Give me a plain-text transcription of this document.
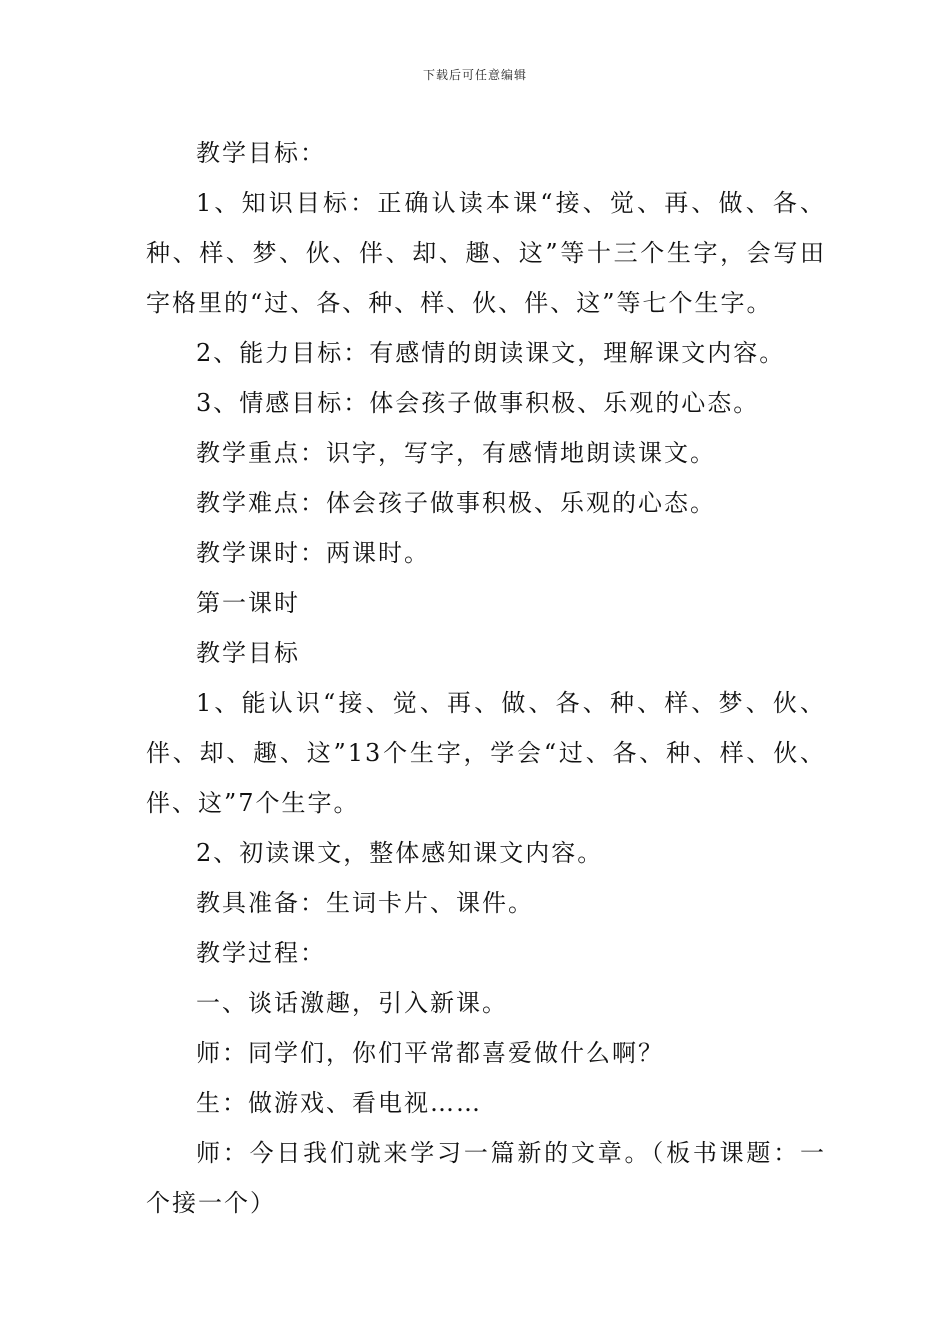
下载后可任意编辑

教学目标：

1、知识目标：正确认读本课“接、觉、再、做、各、种、样、梦、伙、伴、却、趣、这”等十三个生字，会写田字格里的“过、各、种、样、伙、伴、这”等七个生字。

2、能力目标：有感情的朗读课文，理解课文内容。

3、情感目标：体会孩子做事积极、乐观的心态。

教学重点：识字，写字，有感情地朗读课文。

教学难点：体会孩子做事积极、乐观的心态。

教学课时：两课时。

第一课时

教学目标

1、能认识“接、觉、再、做、各、种、样、梦、伙、伴、却、趣、这”13个生字，学会“过、各、种、样、伙、伴、这”7个生字。

2、初读课文，整体感知课文内容。

教具准备：生词卡片、课件。

教学过程：

一、谈话激趣，引入新课。

师：同学们，你们平常都喜爱做什么啊？

生：做游戏、看电视……

师：今日我们就来学习一篇新的文章。（板书课题：一个接一个）
